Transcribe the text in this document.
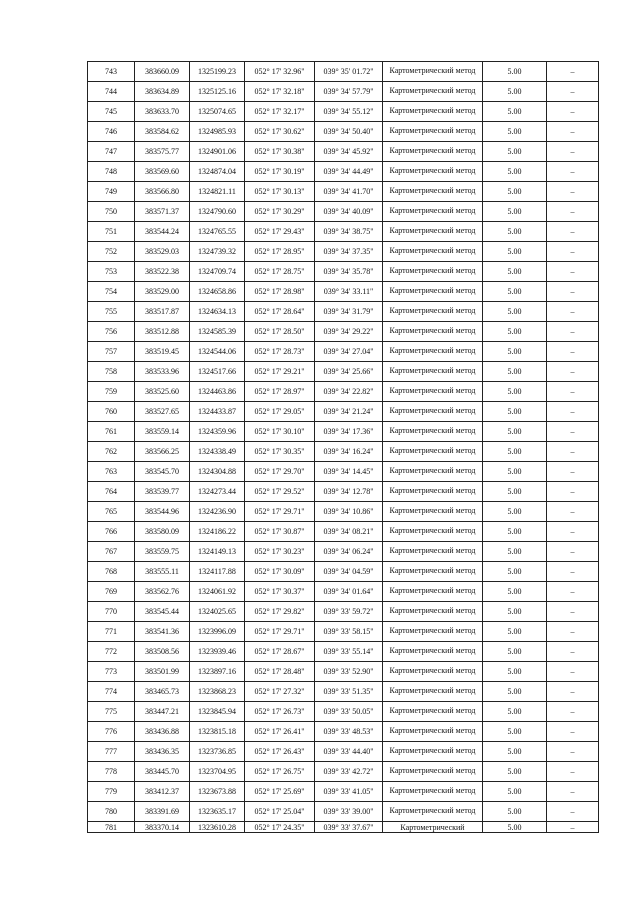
743	383660.09	1325199.23	052° 17' 32.96"	039° 35' 01.72"	Картометрический метод	5.00	–
744	383634.89	1325125.16	052° 17' 32.18"	039° 34' 57.79"	Картометрический метод	5.00	–
745	383633.70	1325074.65	052° 17' 32.17"	039° 34' 55.12"	Картометрический метод	5.00	–
746	383584.62	1324985.93	052° 17' 30.62"	039° 34' 50.40"	Картометрический метод	5.00	–
747	383575.77	1324901.06	052° 17' 30.38"	039° 34' 45.92"	Картометрический метод	5.00	–
748	383569.60	1324874.04	052° 17' 30.19"	039° 34' 44.49"	Картометрический метод	5.00	–
749	383566.80	1324821.11	052° 17' 30.13"	039° 34' 41.70"	Картометрический метод	5.00	–
750	383571.37	1324790.60	052° 17' 30.29"	039° 34' 40.09"	Картометрический метод	5.00	–
751	383544.24	1324765.55	052° 17' 29.43"	039° 34' 38.75"	Картометрический метод	5.00	–
752	383529.03	1324739.32	052° 17' 28.95"	039° 34' 37.35"	Картометрический метод	5.00	–
753	383522.38	1324709.74	052° 17' 28.75"	039° 34' 35.78"	Картометрический метод	5.00	–
754	383529.00	1324658.86	052° 17' 28.98"	039° 34' 33.11"	Картометрический метод	5.00	–
755	383517.87	1324634.13	052° 17' 28.64"	039° 34' 31.79"	Картометрический метод	5.00	–
756	383512.88	1324585.39	052° 17' 28.50"	039° 34' 29.22"	Картометрический метод	5.00	–
757	383519.45	1324544.06	052° 17' 28.73"	039° 34' 27.04"	Картометрический метод	5.00	–
758	383533.96	1324517.66	052° 17' 29.21"	039° 34' 25.66"	Картометрический метод	5.00	–
759	383525.60	1324463.86	052° 17' 28.97"	039° 34' 22.82"	Картометрический метод	5.00	–
760	383527.65	1324433.87	052° 17' 29.05"	039° 34' 21.24"	Картометрический метод	5.00	–
761	383559.14	1324359.96	052° 17' 30.10"	039° 34' 17.36"	Картометрический метод	5.00	–
762	383566.25	1324338.49	052° 17' 30.35"	039° 34' 16.24"	Картометрический метод	5.00	–
763	383545.70	1324304.88	052° 17' 29.70"	039° 34' 14.45"	Картометрический метод	5.00	–
764	383539.77	1324273.44	052° 17' 29.52"	039° 34' 12.78"	Картометрический метод	5.00	–
765	383544.96	1324236.90	052° 17' 29.71"	039° 34' 10.86"	Картометрический метод	5.00	–
766	383580.09	1324186.22	052° 17' 30.87"	039° 34' 08.21"	Картометрический метод	5.00	–
767	383559.75	1324149.13	052° 17' 30.23"	039° 34' 06.24"	Картометрический метод	5.00	–
768	383555.11	1324117.88	052° 17' 30.09"	039° 34' 04.59"	Картометрический метод	5.00	–
769	383562.76	1324061.92	052° 17' 30.37"	039° 34' 01.64"	Картометрический метод	5.00	–
770	383545.44	1324025.65	052° 17' 29.82"	039° 33' 59.72"	Картометрический метод	5.00	–
771	383541.36	1323996.09	052° 17' 29.71"	039° 33' 58.15"	Картометрический метод	5.00	–
772	383508.56	1323939.46	052° 17' 28.67"	039° 33' 55.14"	Картометрический метод	5.00	–
773	383501.99	1323897.16	052° 17' 28.48"	039° 33' 52.90"	Картометрический метод	5.00	–
774	383465.73	1323868.23	052° 17' 27.32"	039° 33' 51.35"	Картометрический метод	5.00	–
775	383447.21	1323845.94	052° 17' 26.73"	039° 33' 50.05"	Картометрический метод	5.00	–
776	383436.88	1323815.18	052° 17' 26.41"	039° 33' 48.53"	Картометрический метод	5.00	–
777	383436.35	1323736.85	052° 17' 26.43"	039° 33' 44.40"	Картометрический метод	5.00	–
778	383445.70	1323704.95	052° 17' 26.75"	039° 33' 42.72"	Картометрический метод	5.00	–
779	383412.37	1323673.88	052° 17' 25.69"	039° 33' 41.05"	Картометрический метод	5.00	–
780	383391.69	1323635.17	052° 17' 25.04"	039° 33' 39.00"	Картометрический метод	5.00	–
781	383370.14	1323610.28	052° 17' 24.35"	039° 33' 37.67"	Картометрический	5.00	–
